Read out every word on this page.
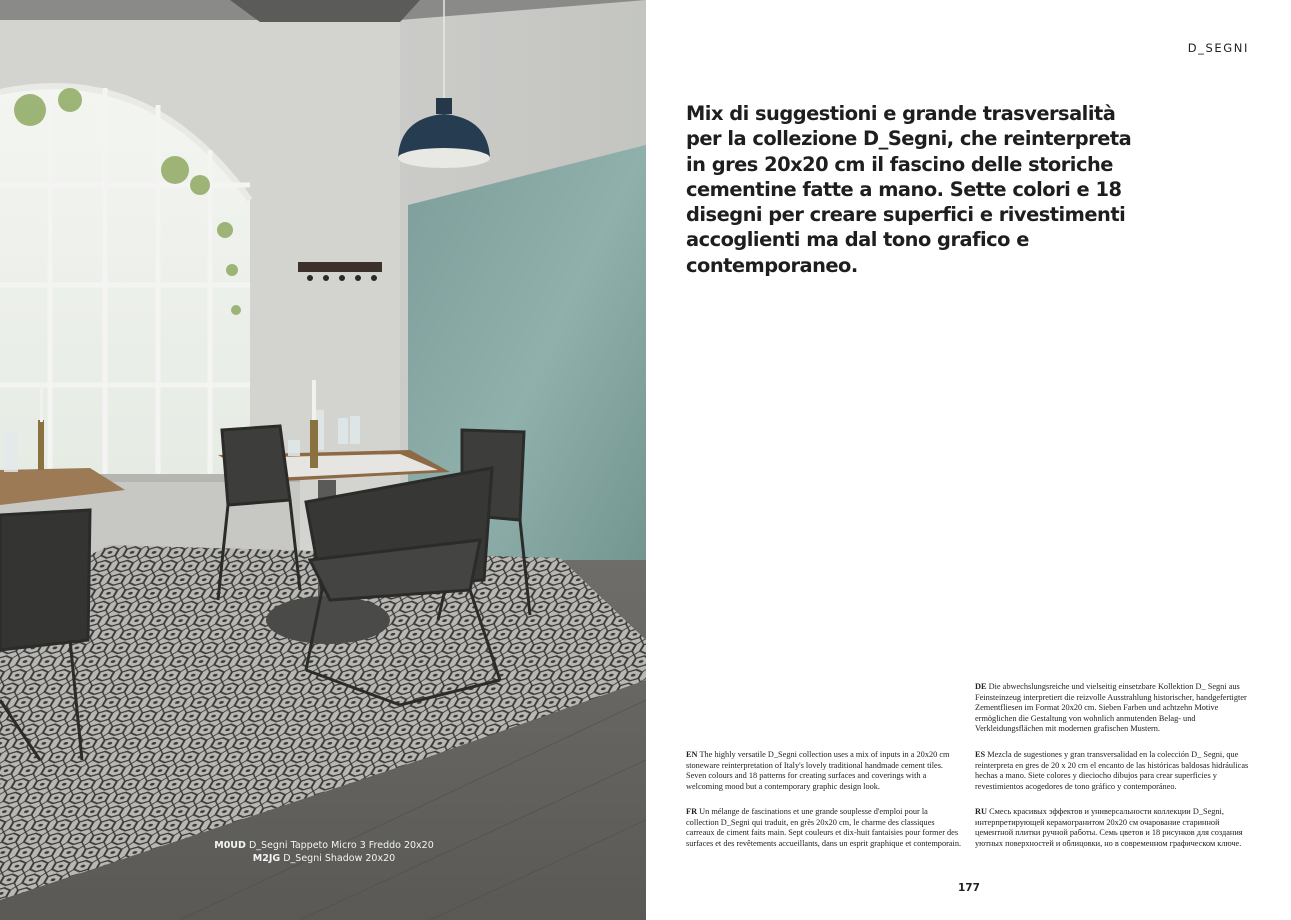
M0UD D_Segni Tappeto Micro 3 Freddo 20x20
M2JG D_Segni Shadow 20x20
D_SEGNI
Mix di suggestioni e grande trasversalità per la collezione D_Segni, che reinterpreta in gres 20x20 cm il fascino delle storiche cementine fatte a mano. Sette colori e 18 disegni per creare superfici e rivestimenti accoglienti ma dal tono grafico e contemporaneo.
DE Die abwechslungsreiche und vielseitig einsetzbare Kollektion D_ Segni aus Feinsteinzeug interpretiert die reizvolle Ausstrahlung historischer, handgefertigter Zementfliesen im Format 20x20 cm. Sieben Farben und achtzehn Motive ermöglichen die Gestaltung von wohnlich anmutenden Belag- und Verkleidungsflächen mit modernen grafischen Mustern.
EN The highly versatile D_Segni collection uses a mix of inputs in a 20x20 cm stoneware reinterpretation of Italy's lovely traditional handmade cement tiles. Seven colours and 18 patterns for creating surfaces and coverings with a welcoming mood but a contemporary graphic design look.
ES Mezcla de sugestiones y gran transversalidad en la colección D_ Segni, que reinterpreta en gres de 20 x 20 cm el encanto de las históricas baldosas hidráulicas hechas a mano. Siete colores y dieciocho dibujos para crear superficies y revestimientos acogedores de tono gráfico y contemporáneo.
FR Un mélange de fascinations et une grande souplesse d'emploi pour la collection D_Segni qui traduit, en grès 20x20 cm, le charme des classiques carreaux de ciment faits main. Sept couleurs et dix-huit fantaisies pour former des surfaces et des revêtements accueillants, dans un esprit graphique et contemporain.
RU Смесь красивых эффектов и универсальности коллекции D_Segni, интерпретирующей керамогранитом 20x20 см очарование старинной цементной плитки ручной работы. Семь цветов и 18 рисунков для создания уютных поверхностей и облицовки, но в современном графическом ключе.
177
